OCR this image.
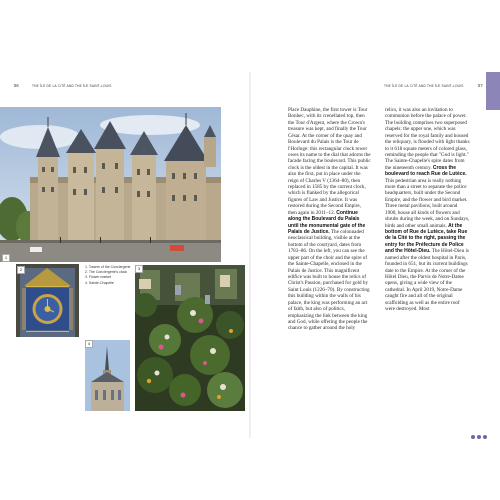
56	THE ÎLE DE LA CITÉ AND THE ÎLE SAINT-LOUIS	THE ÎLE DE LA CITÉ AND THE ÎLE SAINT-LOUIS	57
1
2
4
3

1. Towers of the Conciergerie

2. The Conciergerie's clock

3. Flower market

4. Sainte-Chapelle

Place Dauphine, the first tower is Tour Bonbec, with its crenellated top, then the Tour d'Argent, where the Crown's treasure was kept, and finally the Tour César. At the corner of the quay and Boulevard du Palais is the Tour de l'Horloge: this rectangular clock tower owes its name to the dial that adorns the facade facing the boulevard. This public clock is the oldest in the capital. It was also the first, put in place under the reign of Charles V (1364–80), then replaced in 1585 by the current clock, which is flanked by the allegorical figures of Law and Justice. It was restored during the Second Empire, then again in 2011–12. Continue along the Boulevard du Palais until the monumental gate of the Palais de Justice. The colonnaded neoclassical building, visible at the bottom of the courtyard, dates from 1783–86. On the left, you can see the upper part of the choir and the spire of the Sainte-Chapelle, enclosed in the Palais de Justice. This magnificent edifice was built to house the relics of Christ's Passion, purchased for gold by Saint Louis (1226–70). By constructing this building within the walls of his palace, the king was performing an act of faith, but also of politics, emphasizing the link between the king and God, while offering the people the chance to gather around the holy

relics, it was also an invitation to communion before the palace of power. The building comprises two superposed chapels: the upper one, which was reserved for the royal family and housed the reliquary, is flooded with light thanks to it 618 square meters of colored glass, reminding the people that "God is light." The Sainte-Chapelle's spire dates from the nineteenth century. Cross the boulevard to reach Rue de Lutèce. This pedestrian area is really nothing more than a street to separate the police headquarters, built under the Second Empire, and the flower and bird market. Three metal pavilions, built around 1900, house all kinds of flowers and shrubs during the week, and on Sundays, birds and other small animals. At the bottom of Rue de Lutèce, take Rue de la Cité to the right, passing the entry for the Préfecture de Police and the Hôtel-Dieu. The Hôtel-Dieu is named after the oldest hospital in Paris, founded in 651, but its current buildings date to the Empire. At the corner of the Hôtel Dieu, the Parvis de Notre-Dame opens, giving a wide view of the cathedral. In April 2019, Notre-Dame caught fire and all of the original scaffolding as well as the entire roof were destroyed. Most
